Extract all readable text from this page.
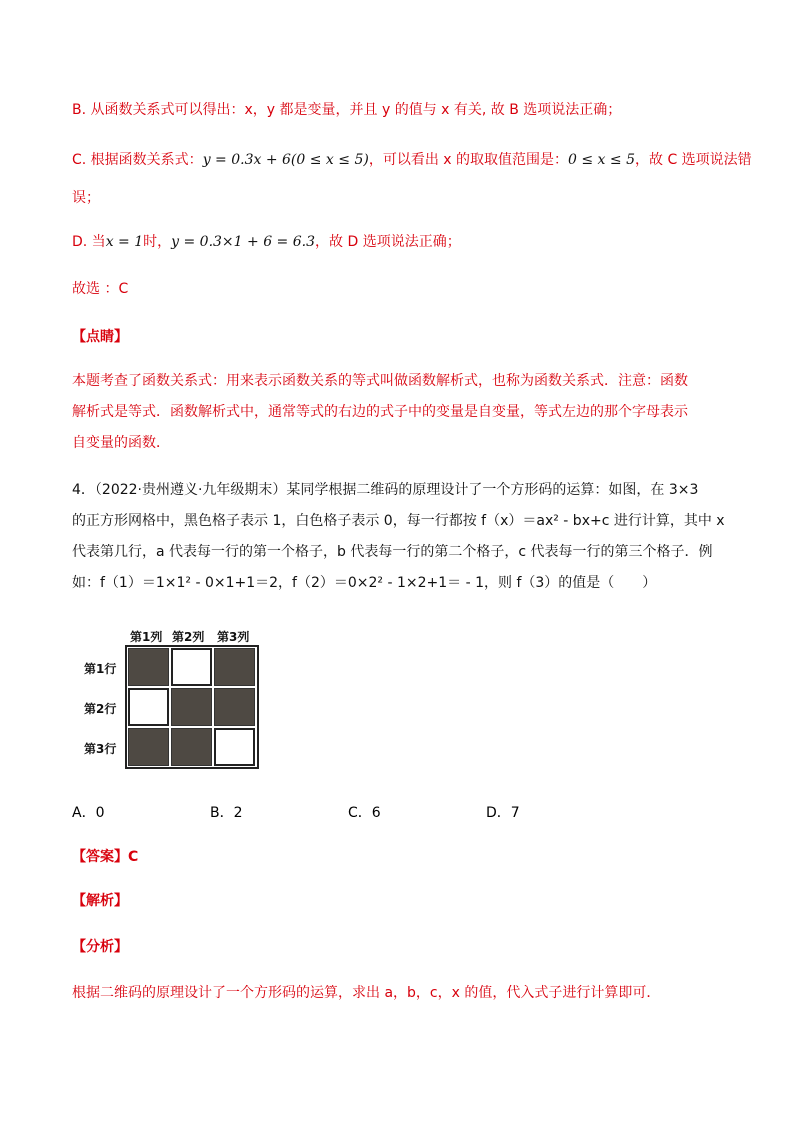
B. 从函数关系式可以得出：x，y 都是变量，并且 y 的值与 x 有关, 故 B 选项说法正确；
C. 根据函数关系式：y = 0.3x + 6(0 ≤ x ≤ 5)，可以看出 x 的取取值范围是：0 ≤ x ≤ 5，故 C 选项说法错
误；
D. 当x = 1时，y = 0.3×1 + 6 = 6.3，故 D 选项说法正确；
故选 ：C
【点睛】
本题考查了函数关系式：用来表示函数关系的等式叫做函数解析式，也称为函数关系式．注意：函数
解析式是等式．函数解析式中，通常等式的右边的式子中的变量是自变量，等式左边的那个字母表示
自变量的函数．
4．（2022·贵州遵义·九年级期末）某同学根据二维码的原理设计了一个方形码的运算：如图，在 3×3
的正方形网格中，黑色格子表示 1，白色格子表示 0，每一行都按 f（x）＝ax² - bx+c 进行计算，其中 x
代表第几行，a 代表每一行的第一个格子，b 代表每一行的第二个格子，c 代表每一行的第三个格子．例
如：f（1）＝1×1² - 0×1+1＝2，f（2）＝0×2² - 1×2+1＝ - 1，则 f（3）的值是（　　）
第1列 第2列 第3列
第1行
第2行
第3行
A．0	B．2	C．6	D．7
【答案】C
【解析】
【分析】
根据二维码的原理设计了一个方形码的运算，求出 a，b，c，x 的值，代入式子进行计算即可．
